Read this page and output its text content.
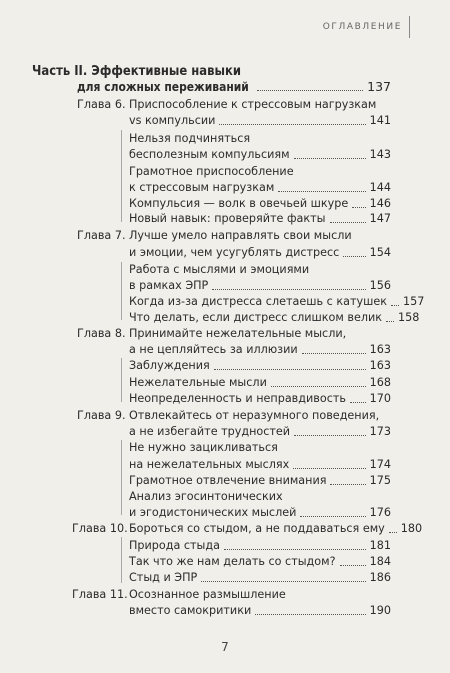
ОГЛАВЛЕНИЕ
Часть II. Эффективные навыки
для сложных переживаний	137
Глава 6. Приспособление к стрессовым нагрузкам
vs компульсии	141
Нельзя подчиняться
бесполезным компульсиям	143
Грамотное приспособление
к стрессовым нагрузкам	144
Компульсия — волк в овечьей шкуре 146
Новый навык: проверяйте факты	147
Глава 7. Лучше умело направлять свои мысли
и эмоции, чем усугублять дистресс	154
Работа с мыслями и эмоциями
в рамках ЭПР	156
Когда из-за дистресса слетаешь с катушек 157
Что делать, если дистресс слишком велик 158
Глава 8. Принимайте нежелательные мысли,
а не цепляйтесь за иллюзии	163
Заблуждения	163
Нежелательные мысли	168
Неопределенность и неправдивость 170
Глава 9. Отвлекайтесь от неразумного поведения,
а не избегайте трудностей	173
Не нужно зацикливаться
на нежелательных мыслях	174
Грамотное отвлечение внимания	175
Анализ эгосинтонических
и эгодистонических мыслей	176
Глава 10. Бороться со стыдом, а не поддаваться ему 180
Природа стыда	181
Так что же нам делать со стыдом?	184
Стыд и ЭПР	186
Глава 11. Осознанное размышление
вместо самокритики	190
7
